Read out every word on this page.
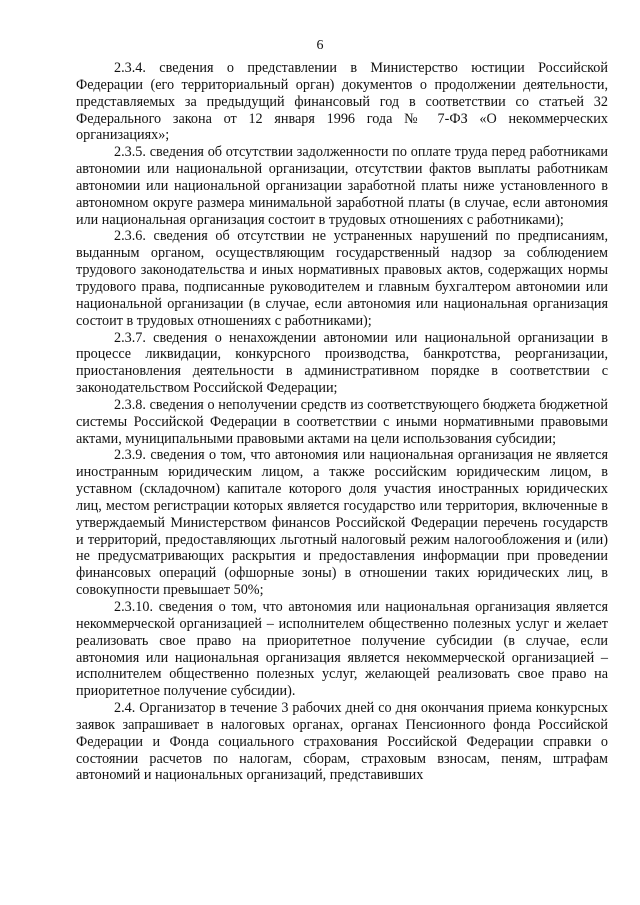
6

2.3.4. сведения о представлении в Министерство юстиции Российской Федерации (его территориальный орган) документов о продолжении деятельности, представляемых за предыдущий финансовый год в соответствии со статьей 32 Федерального закона от 12 января 1996 года № 7-ФЗ «О некоммерческих организациях»;

2.3.5. сведения об отсутствии задолженности по оплате труда перед работниками автономии или национальной организации, отсутствии фактов выплаты работникам автономии или национальной организации заработной платы ниже установленного в автономном округе размера минимальной заработной платы (в случае, если автономия или национальная организация состоит в трудовых отношениях с работниками);

2.3.6. сведения об отсутствии не устраненных нарушений по предписаниям, выданным органом, осуществляющим государственный надзор за соблюдением трудового законодательства и иных нормативных правовых актов, содержащих нормы трудового права, подписанные руководителем и главным бухгалтером автономии или национальной организации (в случае, если автономия или национальная организация состоит в трудовых отношениях с работниками);

2.3.7. сведения о ненахождении автономии или национальной организации в процессе ликвидации, конкурсного производства, банкротства, реорганизации, приостановления деятельности в административном порядке в соответствии с законодательством Российской Федерации;

2.3.8. сведения о неполучении средств из соответствующего бюджета бюджетной системы Российской Федерации в соответствии с иными нормативными правовыми актами, муниципальными правовыми актами на цели использования субсидии;

2.3.9. сведения о том, что автономия или национальная организация не является иностранным юридическим лицом, а также российским юридическим лицом, в уставном (складочном) капитале которого доля участия иностранных юридических лиц, местом регистрации которых является государство или территория, включенные в утверждаемый Министерством финансов Российской Федерации перечень государств и территорий, предоставляющих льготный налоговый режим налогообложения и (или) не предусматривающих раскрытия и предоставления информации при проведении финансовых операций (офшорные зоны) в отношении таких юридических лиц, в совокупности превышает 50%;

2.3.10. сведения о том, что автономия или национальная организация является некоммерческой организацией – исполнителем общественно полезных услуг и желает реализовать свое право на приоритетное получение субсидии (в случае, если автономия или национальная организация является некоммерческой организацией – исполнителем общественно полезных услуг, желающей реализовать свое право на приоритетное получение субсидии).

2.4. Организатор в течение 3 рабочих дней со дня окончания приема конкурсных заявок запрашивает в налоговых органах, органах Пенсионного фонда Российской Федерации и Фонда социального страхования Российской Федерации справки о состоянии расчетов по налогам, сборам, страховым взносам, пеням, штрафам автономий и национальных организаций, представивших
